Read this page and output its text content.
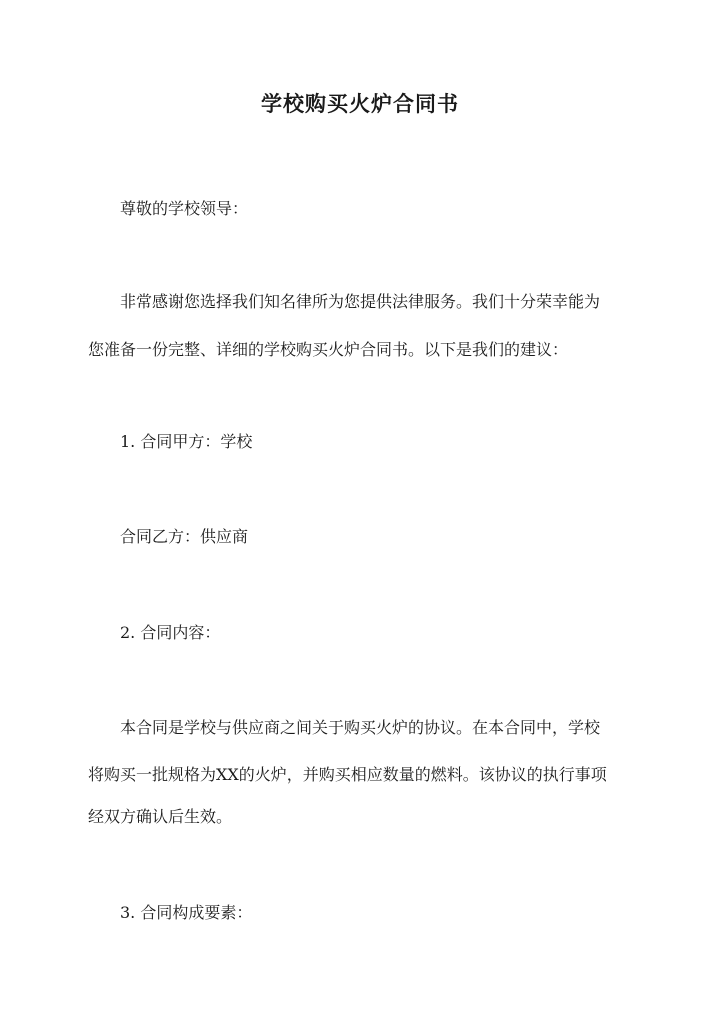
学校购买火炉合同书
尊敬的学校领导：
非常感谢您选择我们知名律所为您提供法律服务。我们十分荣幸能为
您准备一份完整、详细的学校购买火炉合同书。以下是我们的建议：
1. 合同甲方：学校
合同乙方：供应商
2. 合同内容：
本合同是学校与供应商之间关于购买火炉的协议。在本合同中，学校
将购买一批规格为XX的火炉，并购买相应数量的燃料。该协议的执行事项
经双方确认后生效。
3. 合同构成要素：
